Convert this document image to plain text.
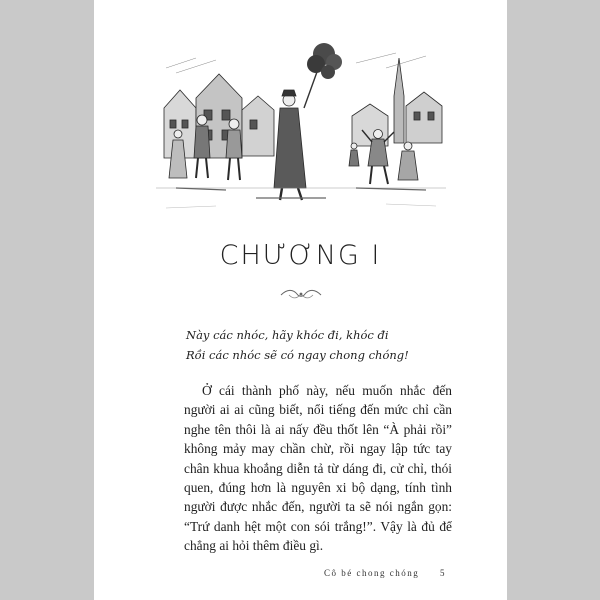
CHƯƠNG I
Này các nhóc, hãy khóc đi, khóc đi
Rồi các nhóc sẽ có ngay chong chóng!

Ở cái thành phố này, nếu muốn nhắc đến người ai ai cũng biết, nổi tiếng đến mức chỉ cần nghe tên thôi là ai nấy đều thốt lên “À phải rồi” không mảy may chần chừ, rồi ngay lập tức tay chân khua khoắng diễn tả từ dáng đi, cử chỉ, thói quen, đúng hơn là nguyên xi bộ dạng, tính tình người được nhắc đến, người ta sẽ nói ngắn gọn: “Trứ danh hệt một con sói trắng!”. Vậy là đủ để chẳng ai hỏi thêm điều gì.

Cô bé chong chóng 5
